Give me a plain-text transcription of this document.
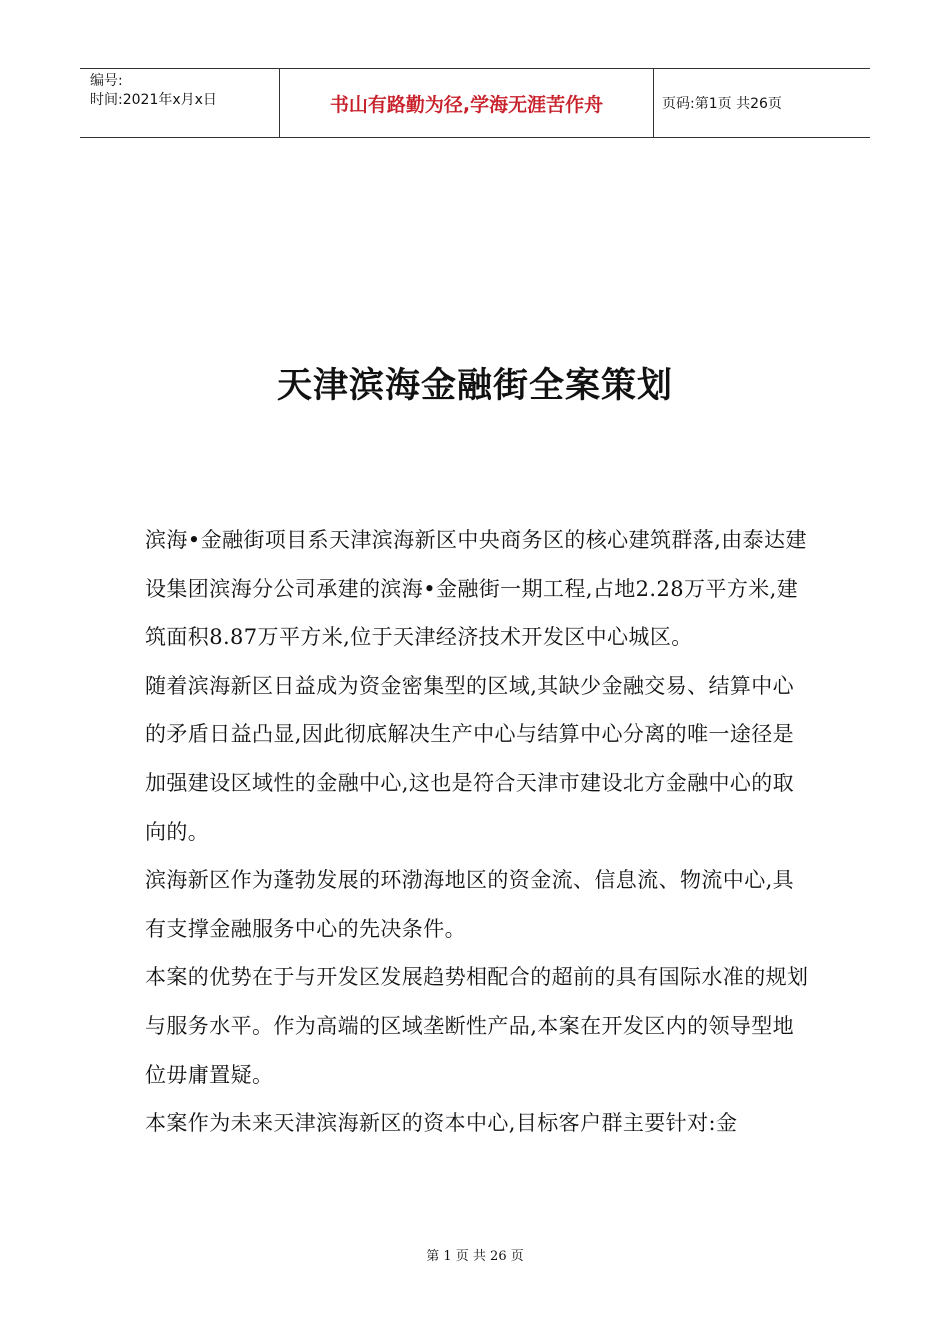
编号:
时间:2021年x月x日	书山有路勤为径,学海无涯苦作舟	页码:第1页 共26页
天津滨海金融街全案策划

滨海•金融街项目系天津滨海新区中央商务区的核心建筑群落,由泰达建设集团滨海分公司承建的滨海•金融街一期工程,占地2.28万平方米,建筑面积8.87万平方米,位于天津经济技术开发区中心城区。

随着滨海新区日益成为资金密集型的区域,其缺少金融交易、结算中心的矛盾日益凸显,因此彻底解决生产中心与结算中心分离的唯一途径是加强建设区域性的金融中心,这也是符合天津市建设北方金融中心的取向的。

滨海新区作为蓬勃发展的环渤海地区的资金流、信息流、物流中心,具有支撑金融服务中心的先决条件。

本案的优势在于与开发区发展趋势相配合的超前的具有国际水准的规划与服务水平。作为高端的区域垄断性产品,本案在开发区内的领导型地位毋庸置疑。

本案作为未来天津滨海新区的资本中心,目标客户群主要针对:金

第 1 页 共 26 页
